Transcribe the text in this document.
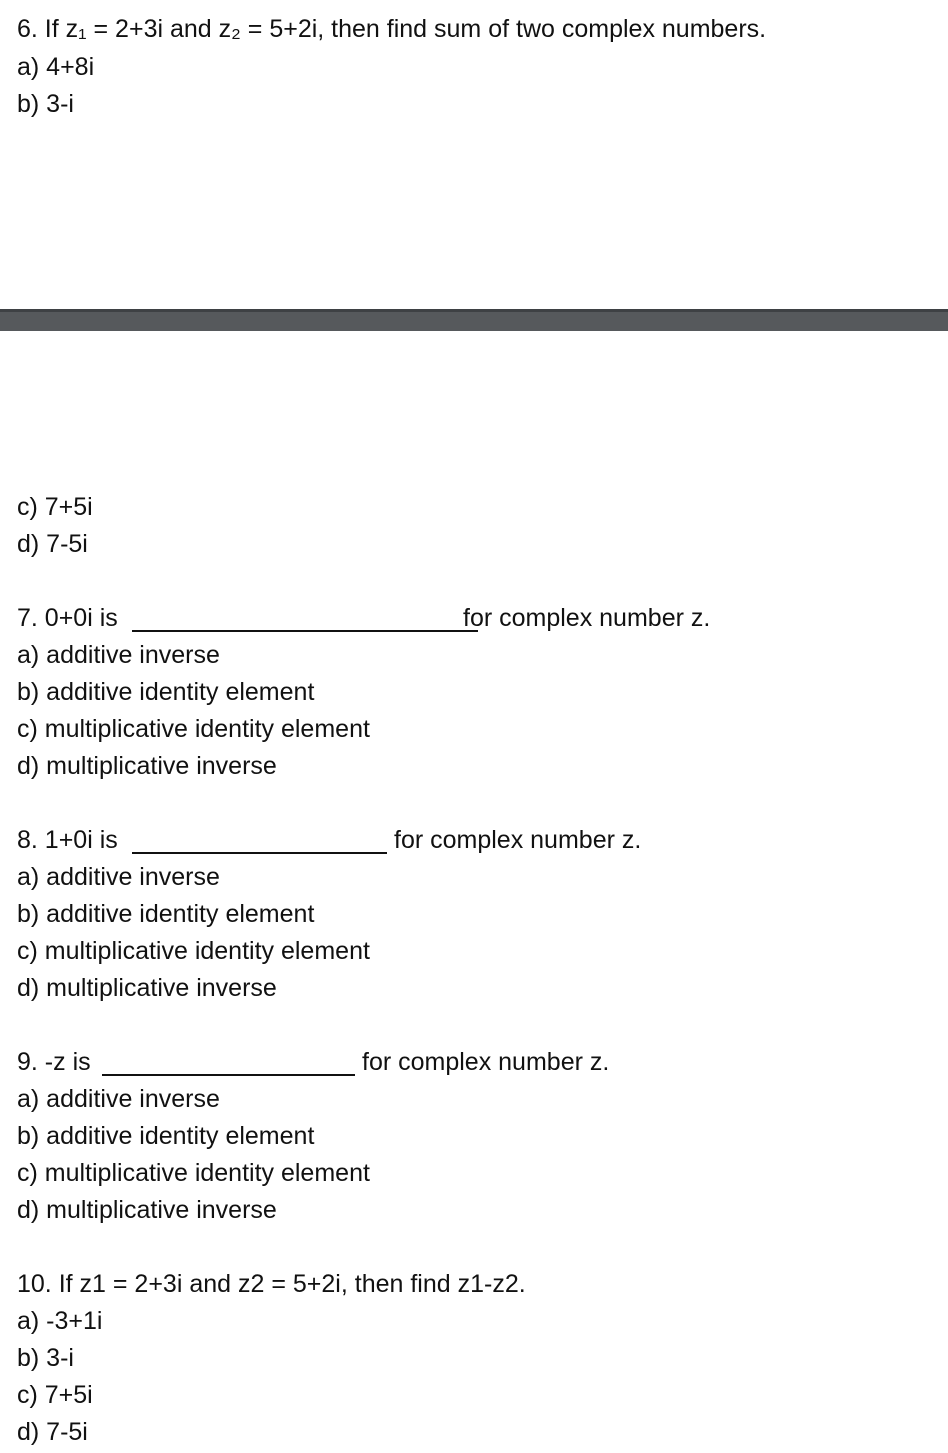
6. If z₁ = 2+3i and z₂ = 5+2i, then find sum of two complex numbers.
a) 4+8i
b) 3-i
c) 7+5i
d) 7-5i
7. 0+0i is	for complex number z.
a) additive inverse
b) additive identity element
c) multiplicative identity element
d) multiplicative inverse
8. 1+0i is	for complex number z.
a) additive inverse
b) additive identity element
c) multiplicative identity element
d) multiplicative inverse
9. -z is	for complex number z.
a) additive inverse
b) additive identity element
c) multiplicative identity element
d) multiplicative inverse
10. If z1 = 2+3i and z2 = 5+2i, then find z1-z2.
a) -3+1i
b) 3-i
c) 7+5i
d) 7-5i
